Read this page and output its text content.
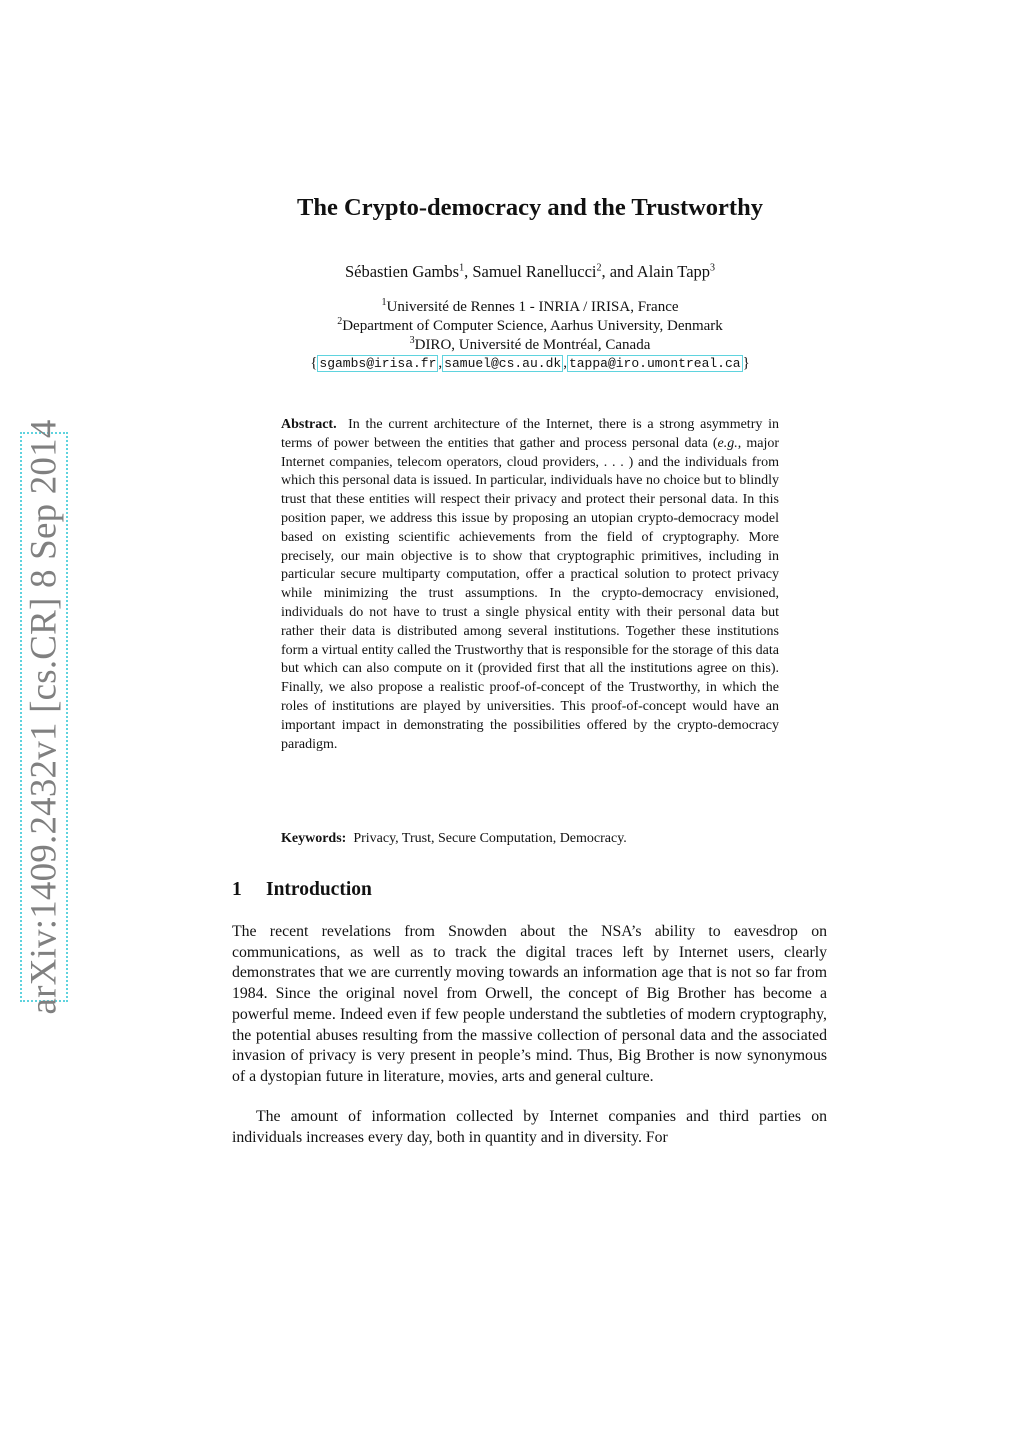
arXiv:1409.2432v1 [cs.CR] 8 Sep 2014
The Crypto-democracy and the Trustworthy
Sébastien Gambs$^1$, Samuel Ranellucci$^2$, and Alain Tapp$^3$
$^1$Université de Rennes 1 - INRIA / IRISA, France
$^2$Department of Computer Science, Aarhus University, Denmark
$^3$DIRO, Université de Montréal, Canada
{ sgambs@irisa.fr , samuel@cs.au.dk , tappa@iro.umontreal.ca }

Abstract. In the current architecture of the Internet, there is a strong asymmetry in terms of power between the entities that gather and process personal data (e.g., major Internet companies, telecom operators, cloud providers, . . . ) and the individuals from which this personal data is issued. In particular, individuals have no choice but to blindly trust that these entities will respect their privacy and protect their personal data. In this position paper, we address this issue by proposing an utopian crypto-democracy model based on existing scientific achievements from the field of cryptography. More precisely, our main objective is to show that cryptographic primitives, including in particular secure multiparty computation, offer a practical solution to protect privacy while minimizing the trust assumptions. In the crypto-democracy envisioned, individuals do not have to trust a single physical entity with their personal data but rather their data is distributed among several institutions. Together these institutions form a virtual entity called the Trustworthy that is responsible for the storage of this data but which can also compute on it (provided first that all the institutions agree on this). Finally, we also propose a realistic proof-of-concept of the Trustworthy, in which the roles of institutions are played by universities. This proof-of-concept would have an important impact in demonstrating the possibilities offered by the crypto-democracy paradigm.

Keywords: Privacy, Trust, Secure Computation, Democracy.
1 Introduction

The recent revelations from Snowden about the NSA’s ability to eavesdrop on communications, as well as to track the digital traces left by Internet users, clearly demonstrates that we are currently moving towards an information age that is not so far from 1984. Since the original novel from Orwell, the concept of Big Brother has become a powerful meme. Indeed even if few people understand the subtleties of modern cryptography, the potential abuses resulting from the massive collection of personal data and the associated invasion of privacy is very present in people’s mind. Thus, Big Brother is now synonymous of a dystopian future in literature, movies, arts and general culture.

The amount of information collected by Internet companies and third parties on individuals increases every day, both in quantity and in diversity. For
